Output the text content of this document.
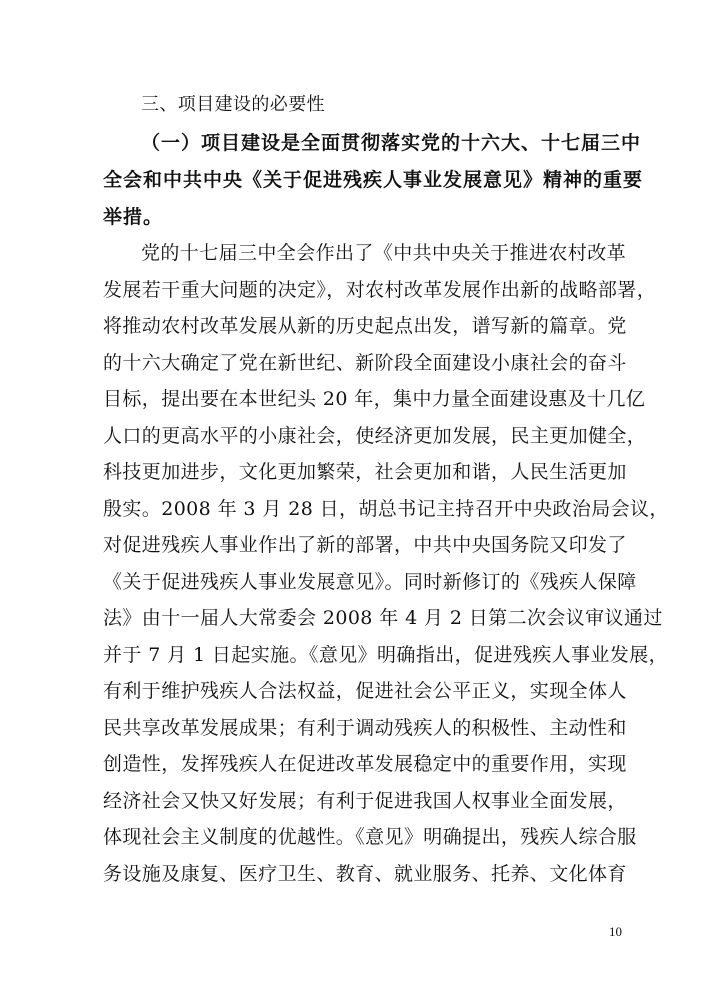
三、项目建设的必要性
（一）项目建设是全面贯彻落实党的十六大、十七届三中
全会和中共中央《关于促进残疾人事业发展意见》精神的重要
举措。
党的十七届三中全会作出了《中共中央关于推进农村改革
发展若干重大问题的决定》，对农村改革发展作出新的战略部署，
将推动农村改革发展从新的历史起点出发，谱写新的篇章。党
的十六大确定了党在新世纪、新阶段全面建设小康社会的奋斗
目标，提出要在本世纪头 20 年，集中力量全面建设惠及十几亿
人口的更高水平的小康社会，使经济更加发展，民主更加健全，
科技更加进步，文化更加繁荣，社会更加和谐，人民生活更加
殷实。2008 年 3 月 28 日，胡总书记主持召开中央政治局会议，
对促进残疾人事业作出了新的部署，中共中央国务院又印发了
《关于促进残疾人事业发展意见》。同时新修订的《残疾人保障
法》由十一届人大常委会 2008 年 4 月 2 日第二次会议审议通过
并于 7 月 1 日起实施。《意见》明确指出，促进残疾人事业发展，
有利于维护残疾人合法权益，促进社会公平正义，实现全体人
民共享改革发展成果；有利于调动残疾人的积极性、主动性和
创造性，发挥残疾人在促进改革发展稳定中的重要作用，实现
经济社会又快又好发展；有利于促进我国人权事业全面发展，
体现社会主义制度的优越性。《意见》明确提出，残疾人综合服
务设施及康复、医疗卫生、教育、就业服务、托养、文化体育
10
